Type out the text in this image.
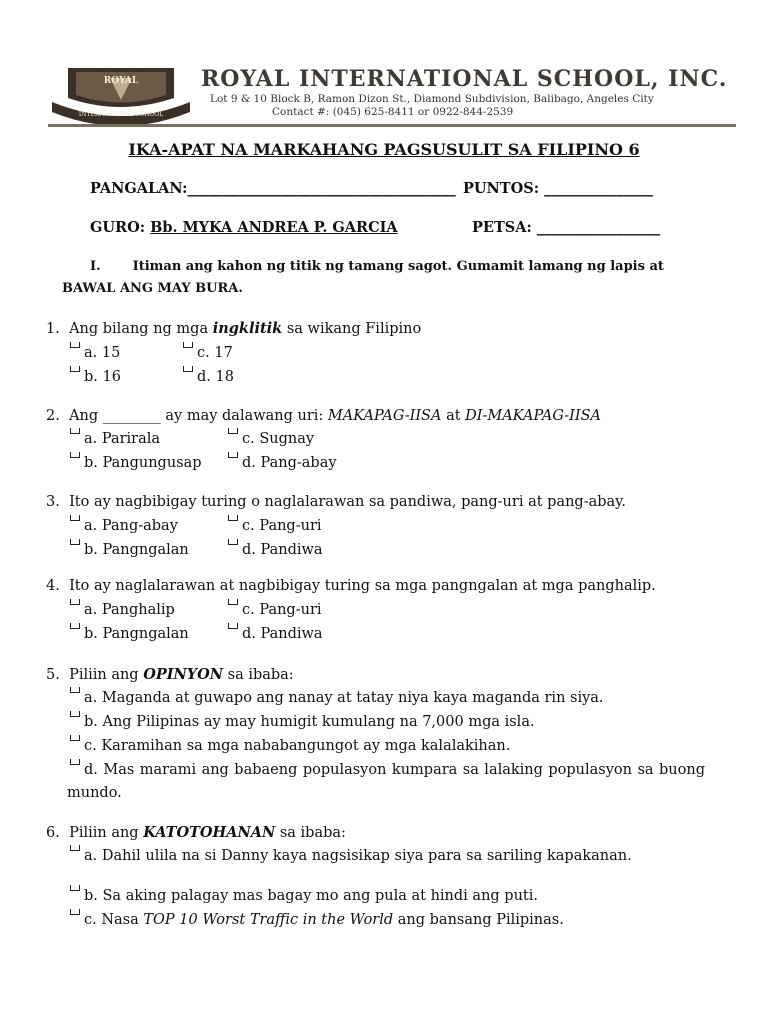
ROYAL
INTERNATIONAL SCHOOL
ROYAL INTERNATIONAL SCHOOL, INC.
Lot 9 & 10 Block B, Ramon Dizon St., Diamond Subdivision, Balibago, Angeles City
Contact #: (045) 625-8411 or 0922-844-2539
IKA-APAT NA MARKAHANG PAGSUSULIT SA FILIPINO 6
PANGALAN:_____________________________________ PUNTOS: _______________
GURO: Bb. MYKA ANDREA P. GARCIA	PETSA: _________________
I. Itiman ang kahon ng titik ng tamang sagot. Gumamit lamang ng lapis at
BAWAL ANG MAY BURA.
1. Ang bilang ng mga ingklitik sa wikang Filipino
a. 15	c. 17
b. 16	d. 18
2. Ang ________ ay may dalawang uri: MAKAPAG-IISA at DI-MAKAPAG-IISA
a. Parirala	c. Sugnay
b. Pangungusap	d. Pang-abay
3. Ito ay nagbibigay turing o naglalarawan sa pandiwa, pang-uri at pang-abay.
a. Pang-abay	c. Pang-uri
b. Pangngalan	d. Pandiwa
4. Ito ay naglalarawan at nagbibigay turing sa mga pangngalan at mga panghalip.
a. Panghalip	c. Pang-uri
b. Pangngalan	d. Pandiwa
5. Piliin ang OPINYON sa ibaba:
a. Maganda at guwapo ang nanay at tatay niya kaya maganda rin siya.
b. Ang Pilipinas ay may humigit kumulang na 7,000 mga isla.
c. Karamihan sa mga nababangungot ay mga kalalakihan.
d. Mas marami ang babaeng populasyon kumpara sa lalaking populasyon sa buong mundo.
6. Piliin ang KATOTOHANAN sa ibaba:
a. Dahil ulila na si Danny kaya nagsisikap siya para sa sariling kapakanan.
b. Sa aking palagay mas bagay mo ang pula at hindi ang puti.
c. Nasa TOP 10 Worst Traffic in the World ang bansang Pilipinas.
